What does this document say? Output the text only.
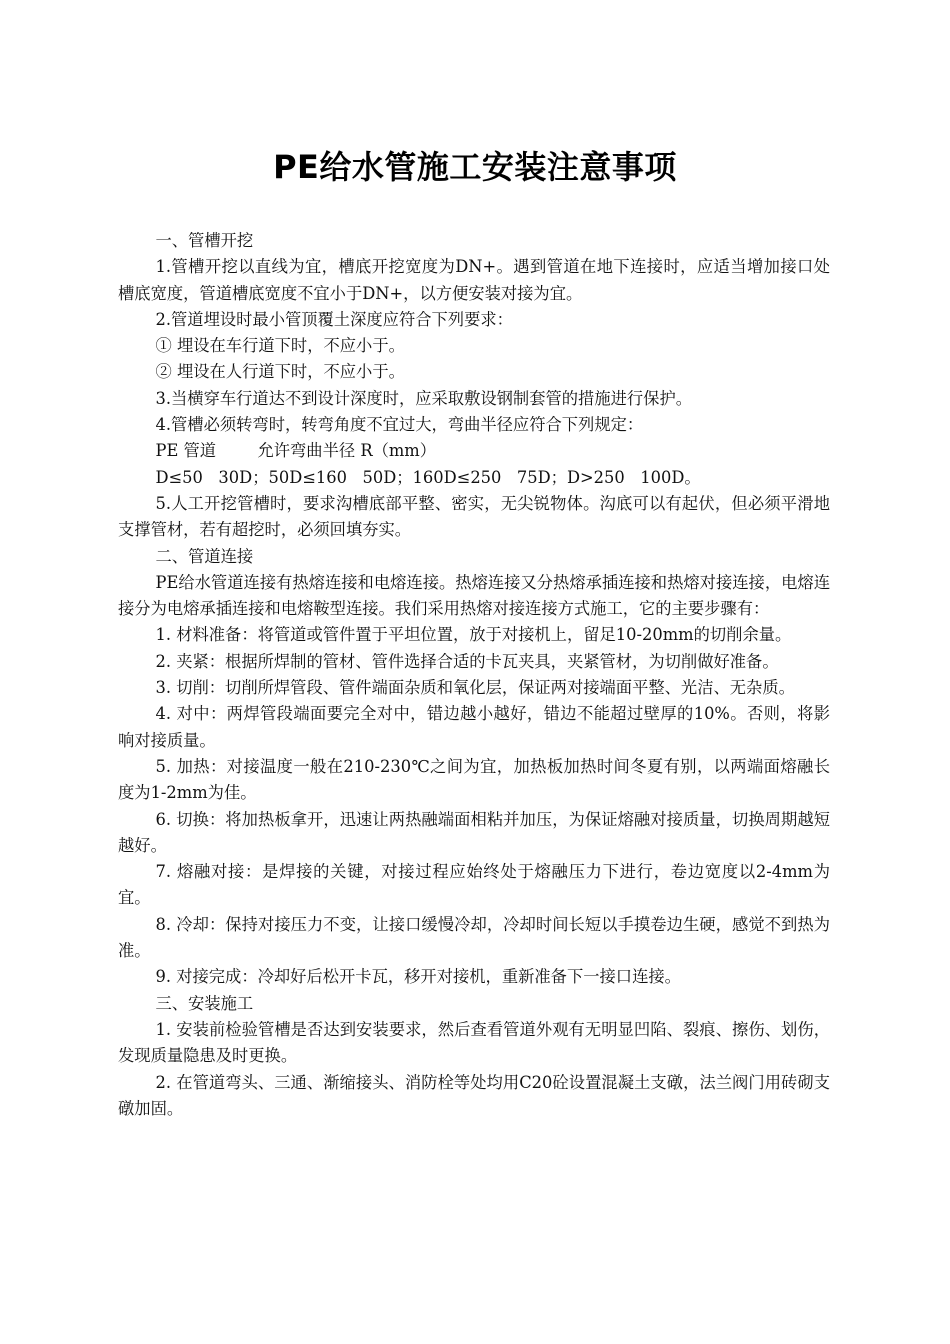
PE给水管施工安装注意事项

一、管槽开挖

1.管槽开挖以直线为宜，槽底开挖宽度为DN+。遇到管道在地下连接时，应适当增加接口处槽底宽度，管道槽底宽度不宜小于DN+，以方便安装对接为宜。

2.管道埋设时最小管顶覆土深度应符合下列要求：

① 埋设在车行道下时，不应小于。

② 埋设在人行道下时，不应小于。

3.当横穿车行道达不到设计深度时，应采取敷设钢制套管的措施进行保护。

4.管槽必须转弯时，转弯角度不宜过大，弯曲半径应符合下列规定：

PE 管道        允许弯曲半径 R（mm）

D≤50   30D；50D≤160   50D；160D≤250   75D；D>250   100D。

5.人工开挖管槽时，要求沟槽底部平整、密实，无尖锐物体。沟底可以有起伏，但必须平滑地支撑管材，若有超挖时，必须回填夯实。

二、管道连接

PE给水管道连接有热熔连接和电熔连接。热熔连接又分热熔承插连接和热熔对接连接，电熔连接分为电熔承插连接和电熔鞍型连接。我们采用热熔对接连接方式施工，它的主要步骤有：

1. 材料准备：将管道或管件置于平坦位置，放于对接机上，留足10-20mm的切削余量。

2. 夹紧：根据所焊制的管材、管件选择合适的卡瓦夹具，夹紧管材，为切削做好准备。

3. 切削：切削所焊管段、管件端面杂质和氧化层，保证两对接端面平整、光洁、无杂质。

4. 对中：两焊管段端面要完全对中，错边越小越好，错边不能超过壁厚的10%。否则，将影响对接质量。

5. 加热：对接温度一般在210-230℃之间为宜，加热板加热时间冬夏有别，以两端面熔融长度为1-2mm为佳。

6. 切换：将加热板拿开，迅速让两热融端面相粘并加压，为保证熔融对接质量，切换周期越短越好。

7. 熔融对接：是焊接的关键，对接过程应始终处于熔融压力下进行，卷边宽度以2-4mm为宜。

8. 冷却：保持对接压力不变，让接口缓慢冷却，冷却时间长短以手摸卷边生硬，感觉不到热为准。

9. 对接完成：冷却好后松开卡瓦，移开对接机，重新准备下一接口连接。

三、安装施工

1. 安装前检验管槽是否达到安装要求，然后查看管道外观有无明显凹陷、裂痕、擦伤、划伤，发现质量隐患及时更换。

2. 在管道弯头、三通、渐缩接头、消防栓等处均用C20砼设置混凝土支礅，法兰阀门用砖砌支礅加固。
